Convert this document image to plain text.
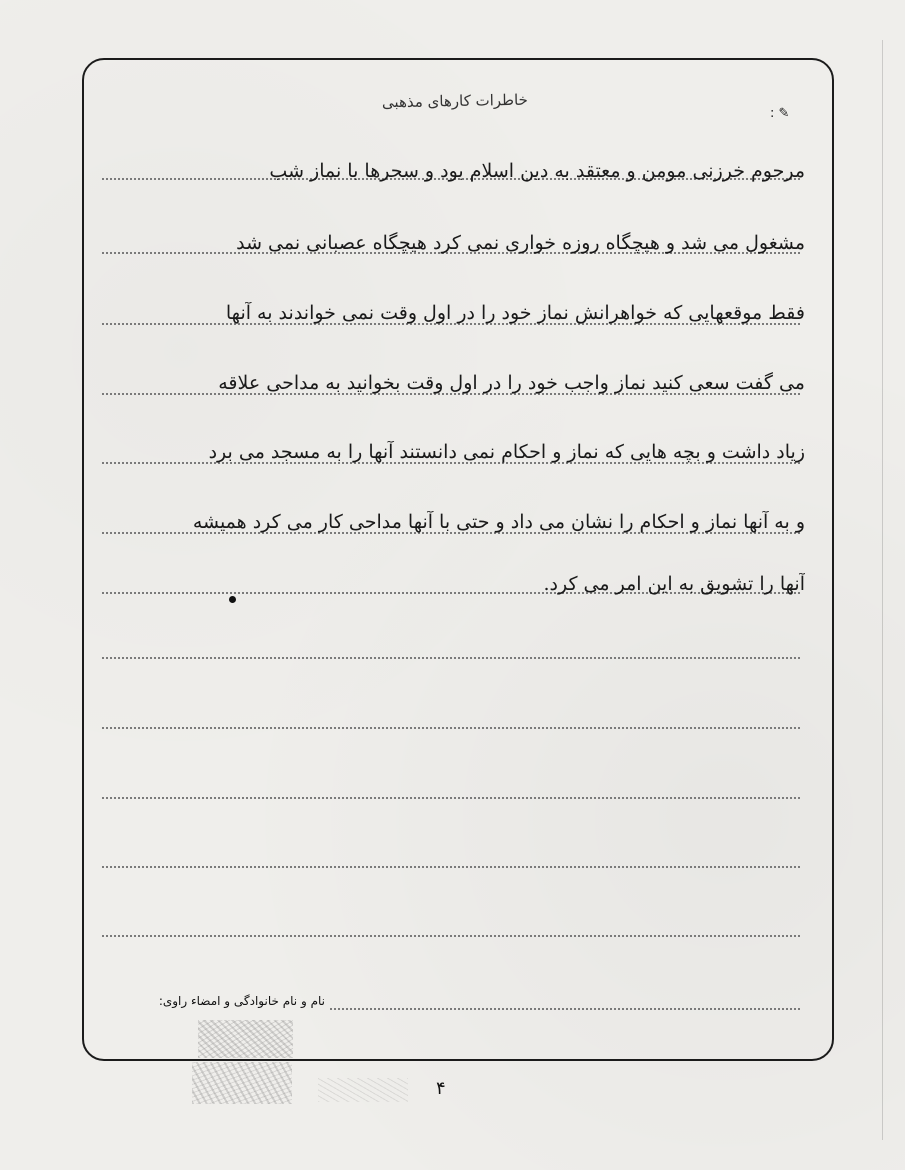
خاطرات کارهای مذهبی
: ✎
مرحوم خرزنی مومن و معتقد به دین اسلام بود و سحرها با نماز شب
مشغول می شد و هیچگاه روزه خواری نمی کرد هیچگاه عصبانی نمی شد
فقط موقعهایی که خواهرانش نماز خود را در اول وقت نمی خواندند به آنها
می گفت سعی کنید نماز واجب خود را در اول وقت بخوانید به مداحی علاقه
زیاد داشت و بچه هایی که نماز و احکام نمی دانستند آنها را به مسجد می برد
و به آنها نماز و احکام را نشان می داد و حتی با آنها مداحی کار می کرد همیشه
آنها را تشویق به این امر می کرد.
نام و نام خانوادگی و امضاء راوی:
۴
